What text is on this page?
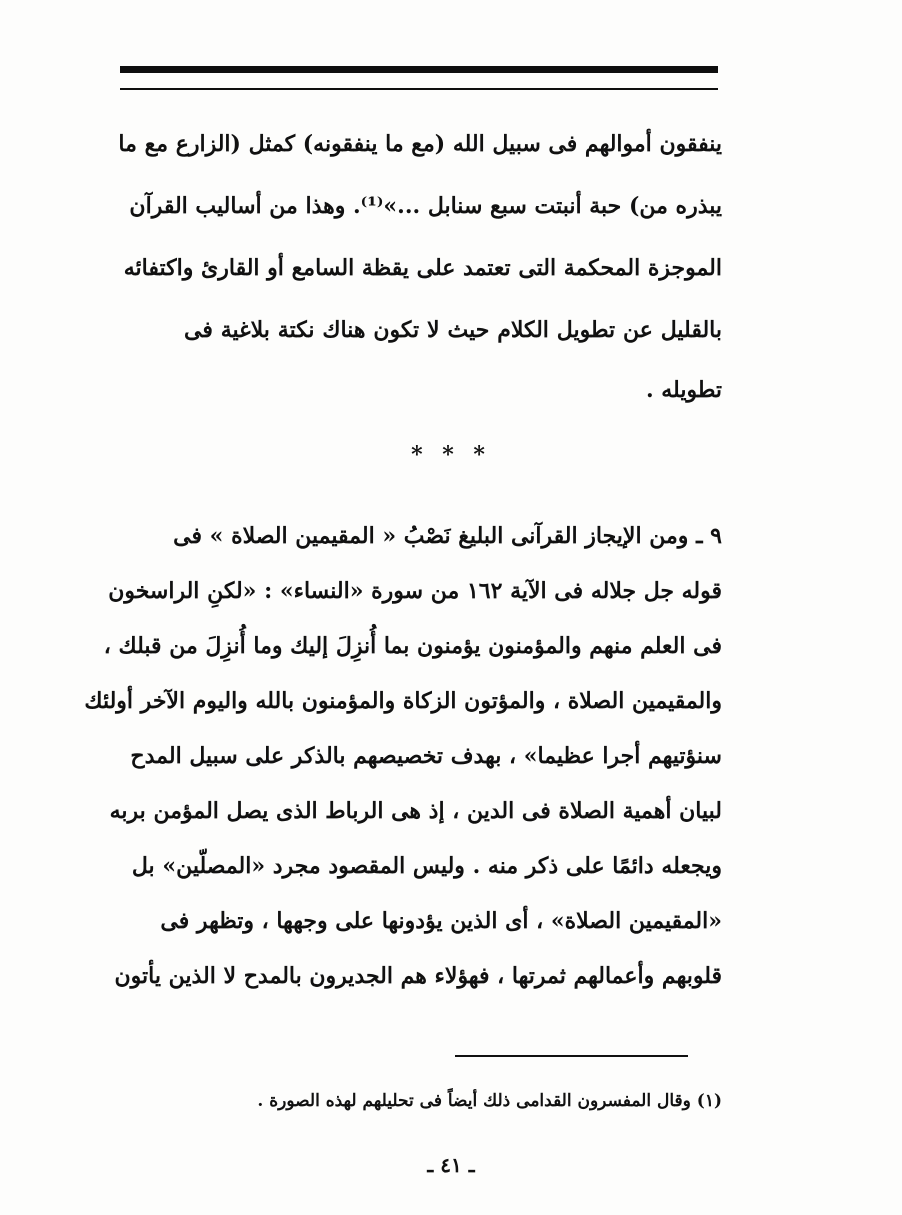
ينفقون أموالهم فى سبيل الله (مع ما ينفقونه) كمثل (الزارع مع ما
يبذره من) حبة أنبتت سبع سنابل ...»⁽¹⁾. وهذا من أساليب القرآن
الموجزة المحكمة التى تعتمد على يقظة السامع أو القارئ واكتفائه
بالقليل عن تطويل الكلام حيث لا تكون هناك نكتة بلاغية فى
تطويله .
* * *
٩ ـ ومن الإيجاز القرآنى البليغ نَصْبُ « المقيمين الصلاة » فى
قوله جل جلاله فى الآية ١٦٢ من سورة «النساء» : «لكنِ الراسخون
فى العلم منهم والمؤمنون يؤمنون بما أُنزِلَ إليك وما أُنزِلَ من قبلك ،
والمقيمين الصلاة ، والمؤتون الزكاة والمؤمنون بالله واليوم الآخر أولئك
سنؤتيهم أجرا عظيما» ، بهدف تخصيصهم بالذكر على سبيل المدح
لبيان أهمية الصلاة فى الدين ، إذ هى الرباط الذى يصل المؤمن بربه
ويجعله دائمًا على ذكر منه . وليس المقصود مجرد «المصلّين» بل
«المقيمين الصلاة» ، أى الذين يؤدونها على وجهها ، وتظهر فى
قلوبهم وأعمالهم ثمرتها ، فهؤلاء هم الجديرون بالمدح لا الذين يأتون
(١) وقال المفسرون القدامى ذلك أيضاً فى تحليلهم لهذه الصورة .
ـ ٤١ ـ
